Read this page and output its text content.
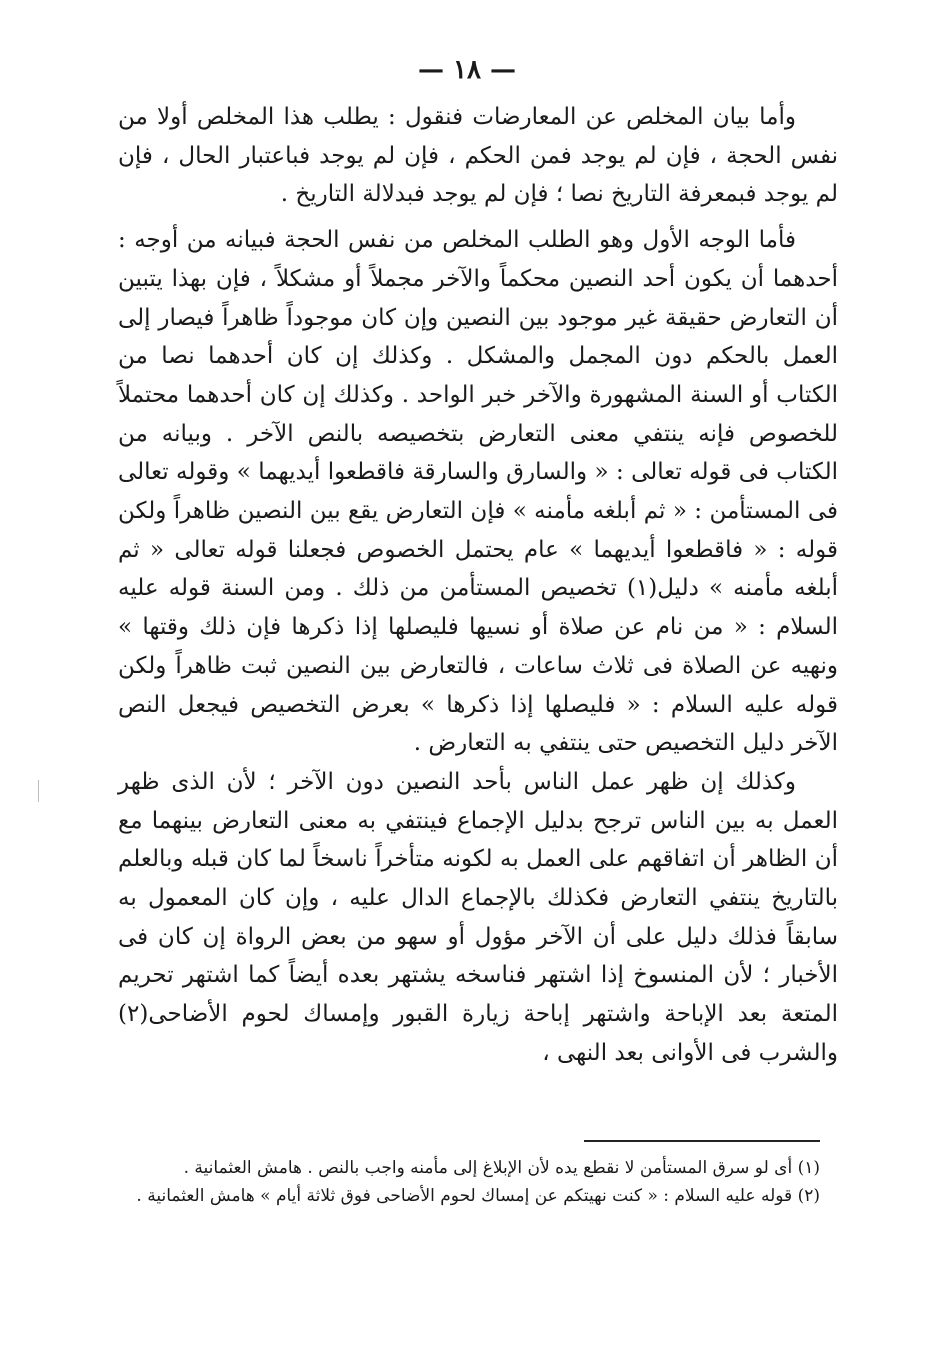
— ١٨ —

وأما بيان المخلص عن المعارضات فنقول : يطلب هذا المخلص أولا من نفس الحجة ، فإن لم يوجد فمن الحكم ، فإن لم يوجد فباعتبار الحال ، فإن لم يوجد فبمعرفة التاريخ نصا ؛ فإن لم يوجد فبدلالة التاريخ .

فأما الوجه الأول وهو الطلب المخلص من نفس الحجة فبيانه من أوجه : أحدهما أن يكون أحد النصين محكماً والآخر مجملاً أو مشكلاً ، فإن بهذا يتبين أن التعارض حقيقة غير موجود بين النصين وإن كان موجوداً ظاهراً فيصار إلى العمل بالحكم دون المجمل والمشكل . وكذلك إن كان أحدهما نصا من الكتاب أو السنة المشهورة والآخر خبر الواحد . وكذلك إن كان أحدهما محتملاً للخصوص فإنه ينتفي معنى التعارض بتخصيصه بالنص الآخر . وبيانه من الكتاب فى قوله تعالى : « والسارق والسارقة فاقطعوا أيديهما » وقوله تعالى فى المستأمن : « ثم أبلغه مأمنه » فإن التعارض يقع بين النصين ظاهراً ولكن قوله : « فاقطعوا أيديهما » عام يحتمل الخصوص فجعلنا قوله تعالى « ثم أبلغه مأمنه » دليل(١) تخصيص المستأمن من ذلك . ومن السنة قوله عليه السلام : « من نام عن صلاة أو نسيها فليصلها إذا ذكرها فإن ذلك وقتها » ونهيه عن الصلاة فى ثلاث ساعات ، فالتعارض بين النصين ثبت ظاهراً ولكن قوله عليه السلام : « فليصلها إذا ذكرها » بعرض التخصيص فيجعل النص الآخر دليل التخصيص حتى ينتفي به التعارض .

وكذلك إن ظهر عمل الناس بأحد النصين دون الآخر ؛ لأن الذى ظهر العمل به بين الناس ترجح بدليل الإجماع فينتفي به معنى التعارض بينهما مع أن الظاهر أن اتفاقهم على العمل به لكونه متأخراً ناسخاً لما كان قبله وبالعلم بالتاريخ ينتفي التعارض فكذلك بالإجماع الدال عليه ، وإن كان المعمول به سابقاً فذلك دليل على أن الآخر مؤول أو سهو من بعض الرواة إن كان فى الأخبار ؛ لأن المنسوخ إذا اشتهر فناسخه يشتهر بعده أيضاً كما اشتهر تحريم المتعة بعد الإباحة واشتهر إباحة زيارة القبور وإمساك لحوم الأضاحى(٢) والشرب فى الأوانى بعد النهى ،

(١) أى لو سرق المستأمن لا نقطع يده لأن الإبلاغ إلى مأمنه واجب بالنص . هامش العثمانية .

(٢) قوله عليه السلام : « كنت نهيتكم عن إمساك لحوم الأضاحى فوق ثلاثة أيام » هامش العثمانية .
